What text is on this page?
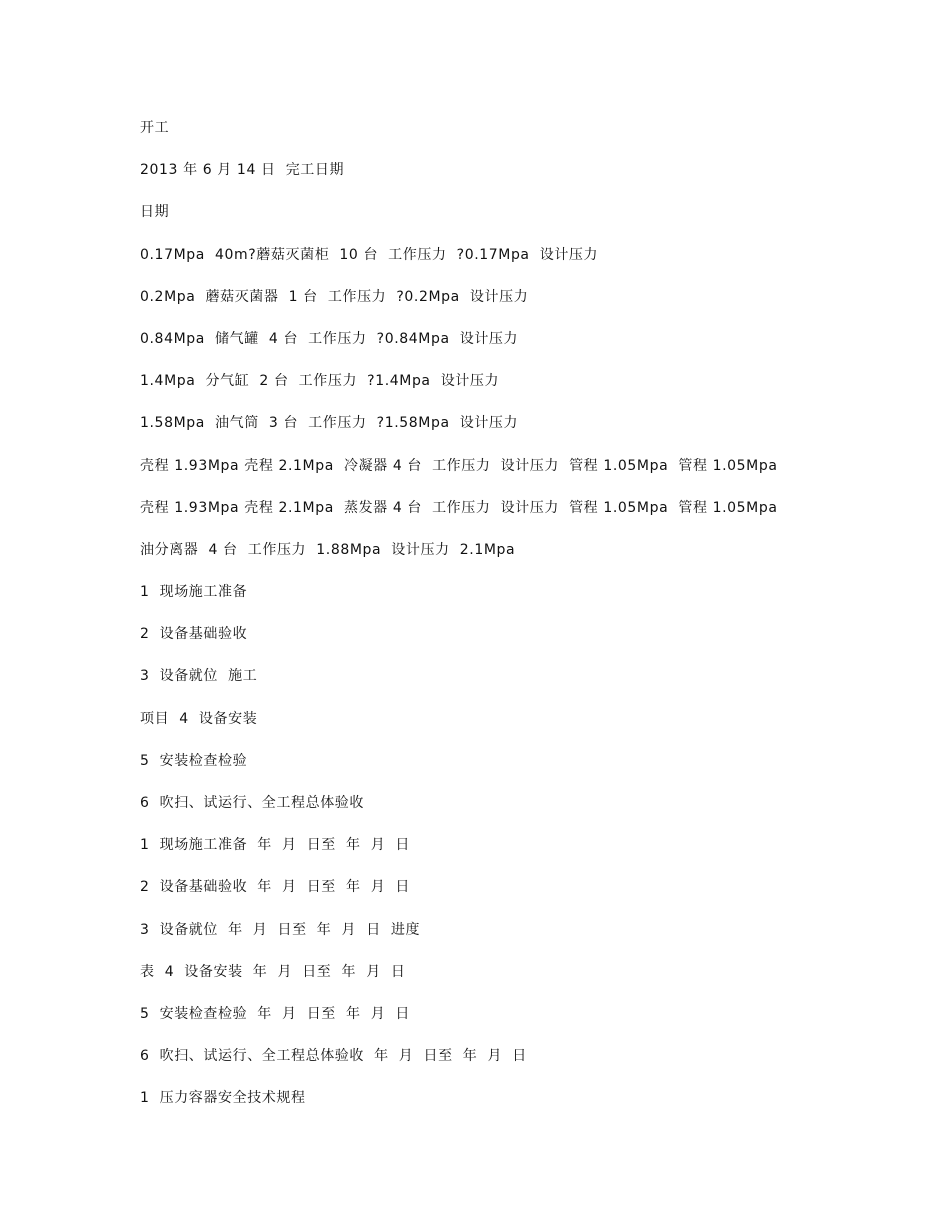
开工
2013 年 6 月 14 日  完工日期
日期
0.17Mpa  40m?蘑菇灭菌柜  10 台  工作压力  ?0.17Mpa  设计压力
0.2Mpa  蘑菇灭菌器  1 台  工作压力  ?0.2Mpa  设计压力
0.84Mpa  储气罐  4 台  工作压力  ?0.84Mpa  设计压力
1.4Mpa  分气缸  2 台  工作压力  ?1.4Mpa  设计压力
1.58Mpa  油气筒  3 台  工作压力  ?1.58Mpa  设计压力
壳程 1.93Mpa 壳程 2.1Mpa  冷凝器 4 台  工作压力  设计压力  管程 1.05Mpa  管程 1.05Mpa
壳程 1.93Mpa 壳程 2.1Mpa  蒸发器 4 台  工作压力  设计压力  管程 1.05Mpa  管程 1.05Mpa
油分离器  4 台  工作压力  1.88Mpa  设计压力  2.1Mpa
1  现场施工准备
2  设备基础验收
3  设备就位  施工
项目  4  设备安装
5  安装检查检验
6  吹扫、试运行、全工程总体验收
1  现场施工准备  年  月  日至  年  月  日
2  设备基础验收  年  月  日至  年  月  日
3  设备就位  年  月  日至  年  月  日  进度
表  4  设备安装  年  月  日至  年  月  日
5  安装检查检验  年  月  日至  年  月  日
6  吹扫、试运行、全工程总体验收  年  月  日至  年  月  日
1  压力容器安全技术规程
